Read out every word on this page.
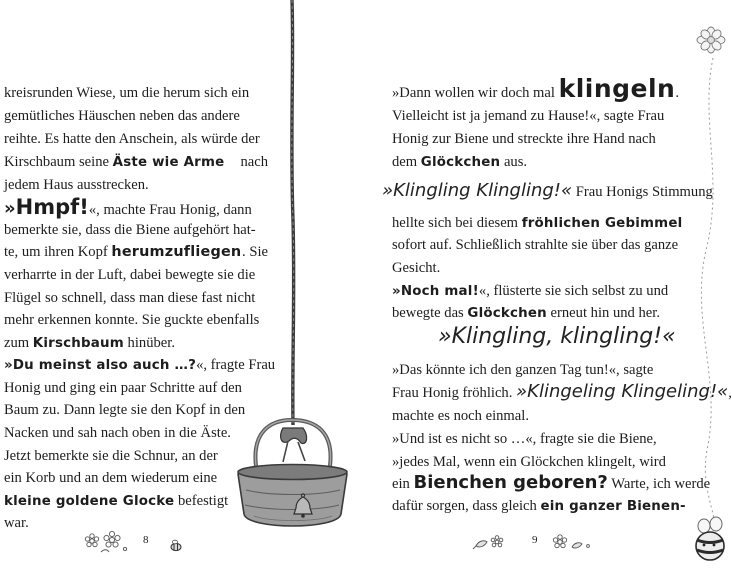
kreisrunden Wiese, um die herum sich ein
gemütliches Häuschen neben das andere
reihte. Es hatte den Anschein, als würde der
Kirschbaum seine Äste wie Arme nach
jedem Haus ausstrecken.
»Hmpf!«, machte Frau Honig, dann
bemerkte sie, dass die Biene aufgehört hat-
te, um ihren Kopf herumzufliegen . Sie
verharrte in der Luft, dabei bewegte sie die
Flügel so schnell, dass man diese fast nicht
mehr erkennen konnte. Sie guckte ebenfalls
zum Kirschbaum hinüber.
»Du meinst also auch …?«, fragte Frau
Honig und ging ein paar Schritte auf den
Baum zu. Dann legte sie den Kopf in den
Nacken und sah nach oben in die Äste.
Jetzt bemerkte sie die Schnur, an der
ein Korb und an dem wiederum eine
kleine goldene Glocke befestigt
war.
8
»Dann wollen wir doch mal klingeln.
Vielleicht ist ja jemand zu Hause!«, sagte Frau
Honig zur Biene und streckte ihre Hand nach
dem Glöckchen aus.
»Klingling Klingling!« Frau Honigs Stimmung
hellte sich bei diesem fröhlichen Gebimmel
sofort auf. Schließlich strahlte sie über das ganze
Gesicht.
»Noch mal!«, flüsterte sie sich selbst zu und
bewegte das Glöckchen erneut hin und her.
»Klingling, klingling!«
»Das könnte ich den ganzen Tag tun!«, sagte
Frau Honig fröhlich. »Klingeling Klingeling!«,
machte es noch einmal.
»Und ist es nicht so …«, fragte sie die Biene,
»jedes Mal, wenn ein Glöckchen klingelt, wird
ein Bienchen geboren? Warte, ich werde
dafür sorgen, dass gleich ein ganzer Bienen-
9
